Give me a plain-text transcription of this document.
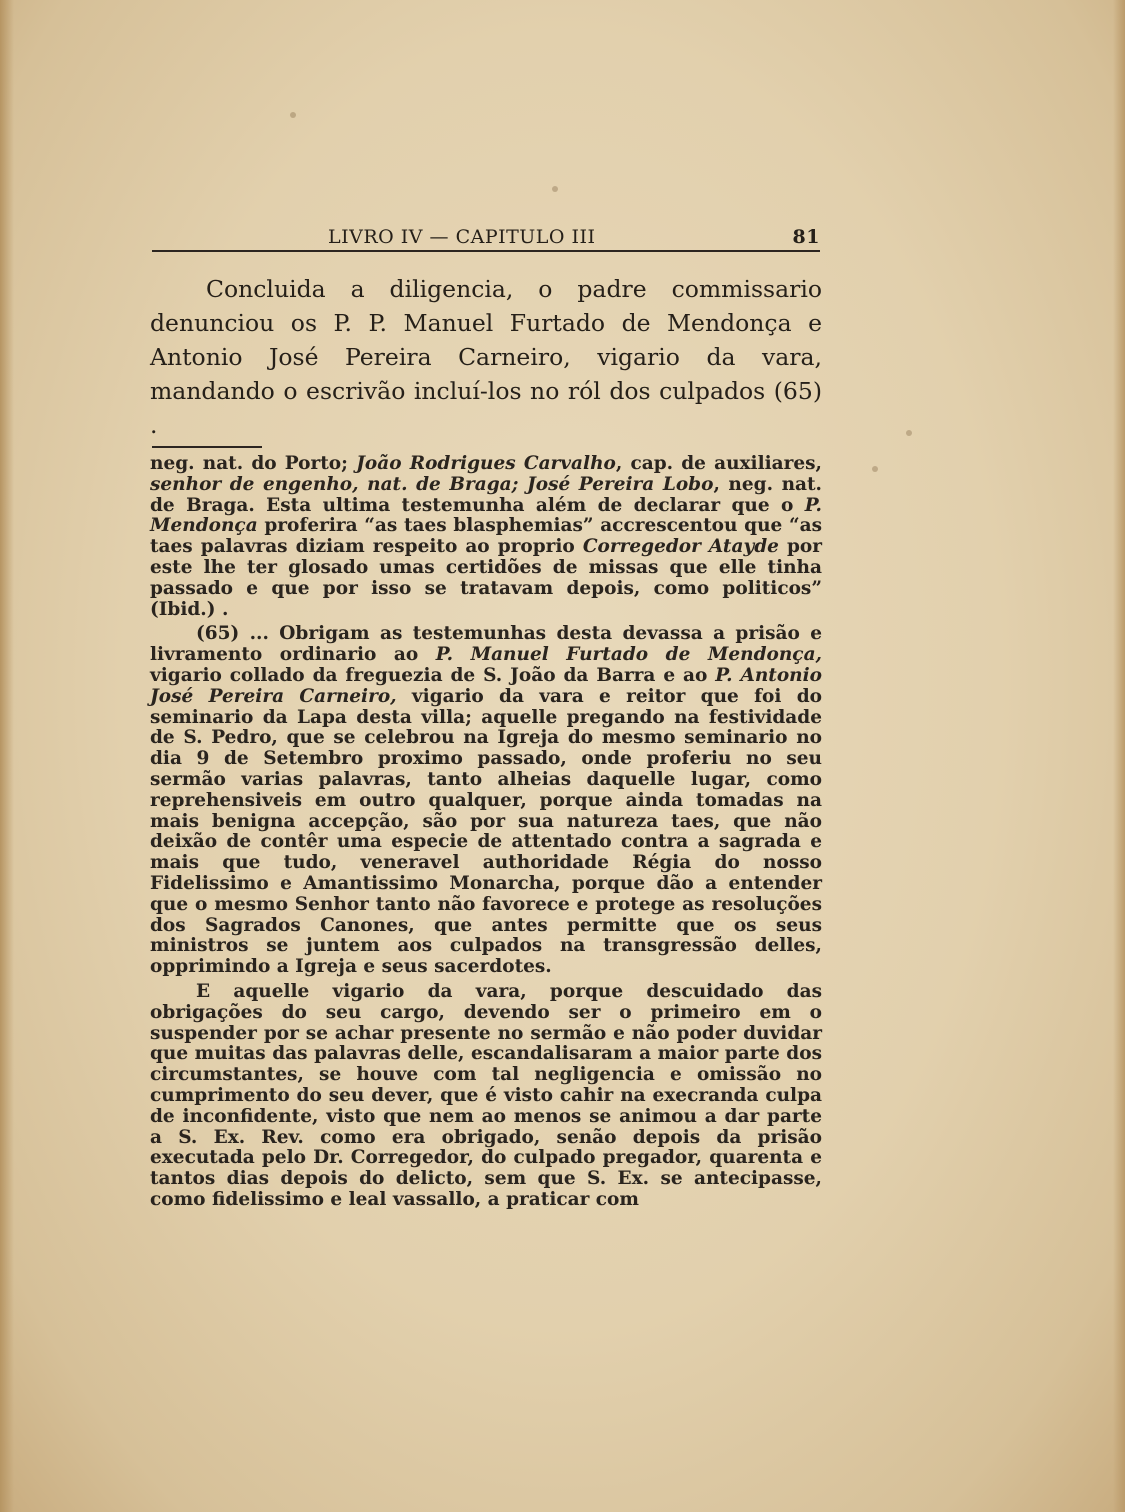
LIVRO IV — CAPITULO III	81

Concluida a diligencia, o padre commissario denunciou os P. P. Manuel Furtado de Mendonça e Antonio José Pereira Carneiro, vigario da vara, mandando o escrivão incluí-los no ról dos culpados (65) .

neg. nat. do Porto; João Rodrigues Carvalho, cap. de auxiliares, senhor de engenho, nat. de Braga; José Pereira Lobo, neg. nat. de Braga. Esta ultima testemunha além de declarar que o P. Mendonça proferira “as taes blasphemias” accrescentou que “as taes palavras diziam respeito ao proprio Corregedor Atayde por este lhe ter glosado umas certidões de missas que elle tinha passado e que por isso se tratavam depois, como politicos” (Ibid.) .

(65) ... Obrigam as testemunhas desta devassa a prisão e livramento ordinario ao P. Manuel Furtado de Mendonça, vigario collado da freguezia de S. João da Barra e ao P. Antonio José Pereira Carneiro, vigario da vara e reitor que foi do seminario da Lapa desta villa; aquelle pregando na festividade de S. Pedro, que se celebrou na Igreja do mesmo seminario no dia 9 de Setembro proximo passado, onde proferiu no seu sermão varias palavras, tanto alheias daquelle lugar, como reprehensiveis em outro qualquer, porque ainda tomadas na mais benigna accepção, são por sua natureza taes, que não deixão de contêr uma especie de attentado contra a sagrada e mais que tudo, veneravel authoridade Régia do nosso Fidelissimo e Amantissimo Monarcha, porque dão a entender que o mesmo Senhor tanto não favorece e protege as resoluções dos Sagrados Canones, que antes permitte que os seus ministros se juntem aos culpados na transgressão delles, opprimindo a Igreja e seus sacerdotes.

E aquelle vigario da vara, porque descuidado das obrigações do seu cargo, devendo ser o primeiro em o suspender por se achar presente no sermão e não poder duvidar que muitas das palavras delle, escandalisaram a maior parte dos circumstantes, se houve com tal negligencia e omissão no cumprimento do seu dever, que é visto cahir na execranda culpa de inconfidente, visto que nem ao menos se animou a dar parte a S. Ex. Rev. como era obrigado, senão depois da prisão executada pelo Dr. Corregedor, do culpado pregador, quarenta e tantos dias depois do delicto, sem que S. Ex. se antecipasse, como fidelissimo e leal vassallo, a praticar com
